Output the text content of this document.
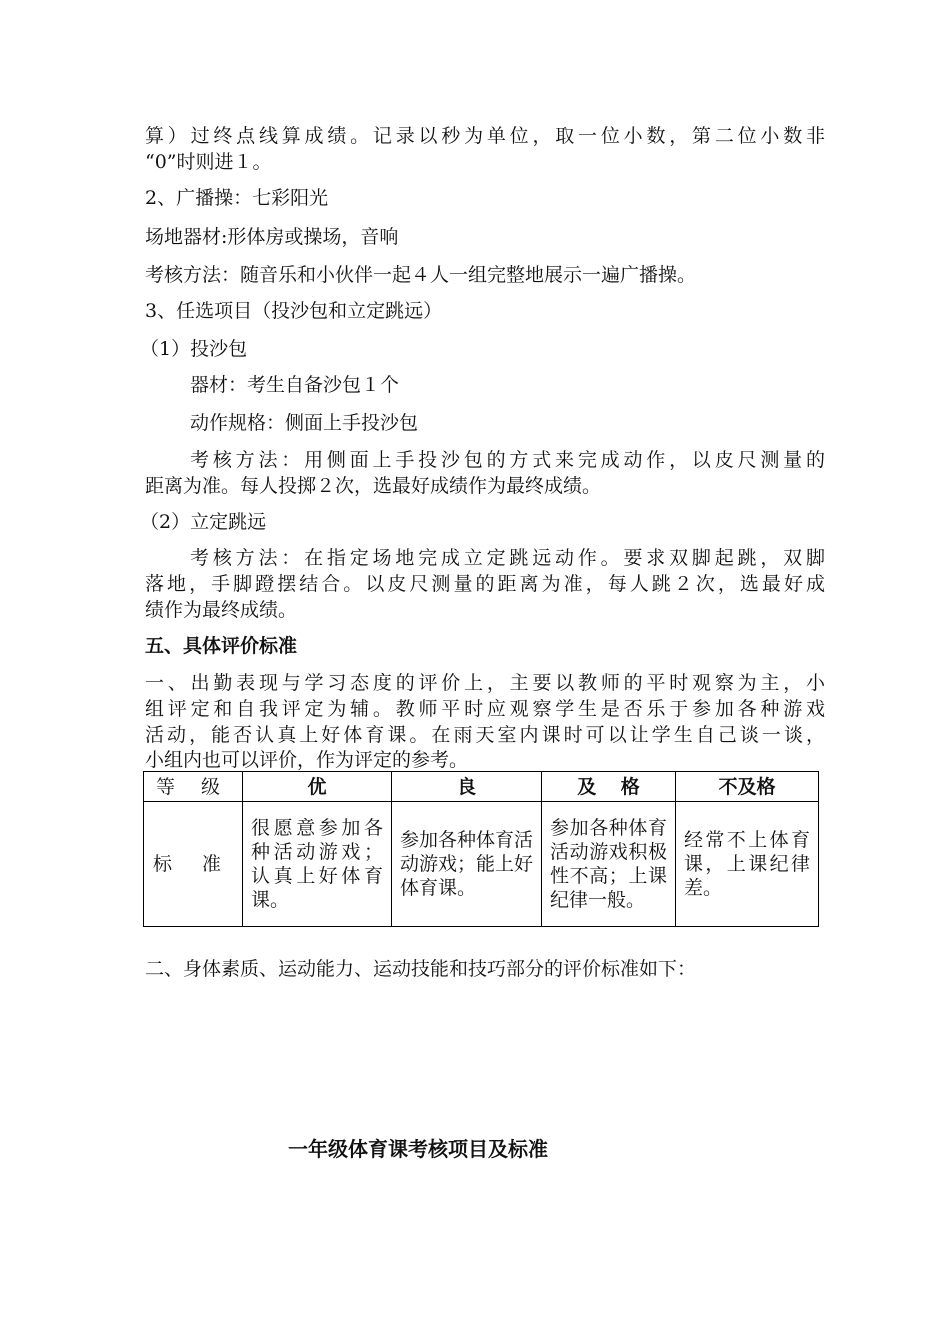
算）过终点线算成绩。记录以秒为单位，取一位小数，第二位小数非
“0”时则进１。
2、广播操：七彩阳光
场地器材:形体房或操场，音响
考核方法：随音乐和小伙伴一起４人一组完整地展示一遍广播操。
3、任选项目（投沙包和立定跳远）
（1）投沙包
器材：考生自备沙包１个
动作规格：侧面上手投沙包
考核方法：用侧面上手投沙包的方式来完成动作，以皮尺测量的
距离为准。每人投掷２次，选最好成绩作为最终成绩。
（2）立定跳远
考核方法：在指定场地完成立定跳远动作。要求双脚起跳，双脚
落地，手脚蹬摆结合。以皮尺测量的距离为准，每人跳２次，选最好成
绩作为最终成绩。
五、具体评价标准
一、出勤表现与学习态度的评价上，主要以教师的平时观察为主，小
组评定和自我评定为辅。教师平时应观察学生是否乐于参加各种游戏
活动，能否认真上好体育课。在雨天室内课时可以让学生自己谈一谈，
小组内也可以评价，作为评定的参考。
等 级	优	良	及 格	不及格
标 准	很愿意参加各种活动游戏；认真上好体育课。	参加各种体育活动游戏；能上好体育课。	参加各种体育活动游戏积极性不高；上课纪律一般。	经常不上体育课，上课纪律差。
二、身体素质、运动能力、运动技能和技巧部分的评价标准如下：
一年级体育课考核项目及标准
